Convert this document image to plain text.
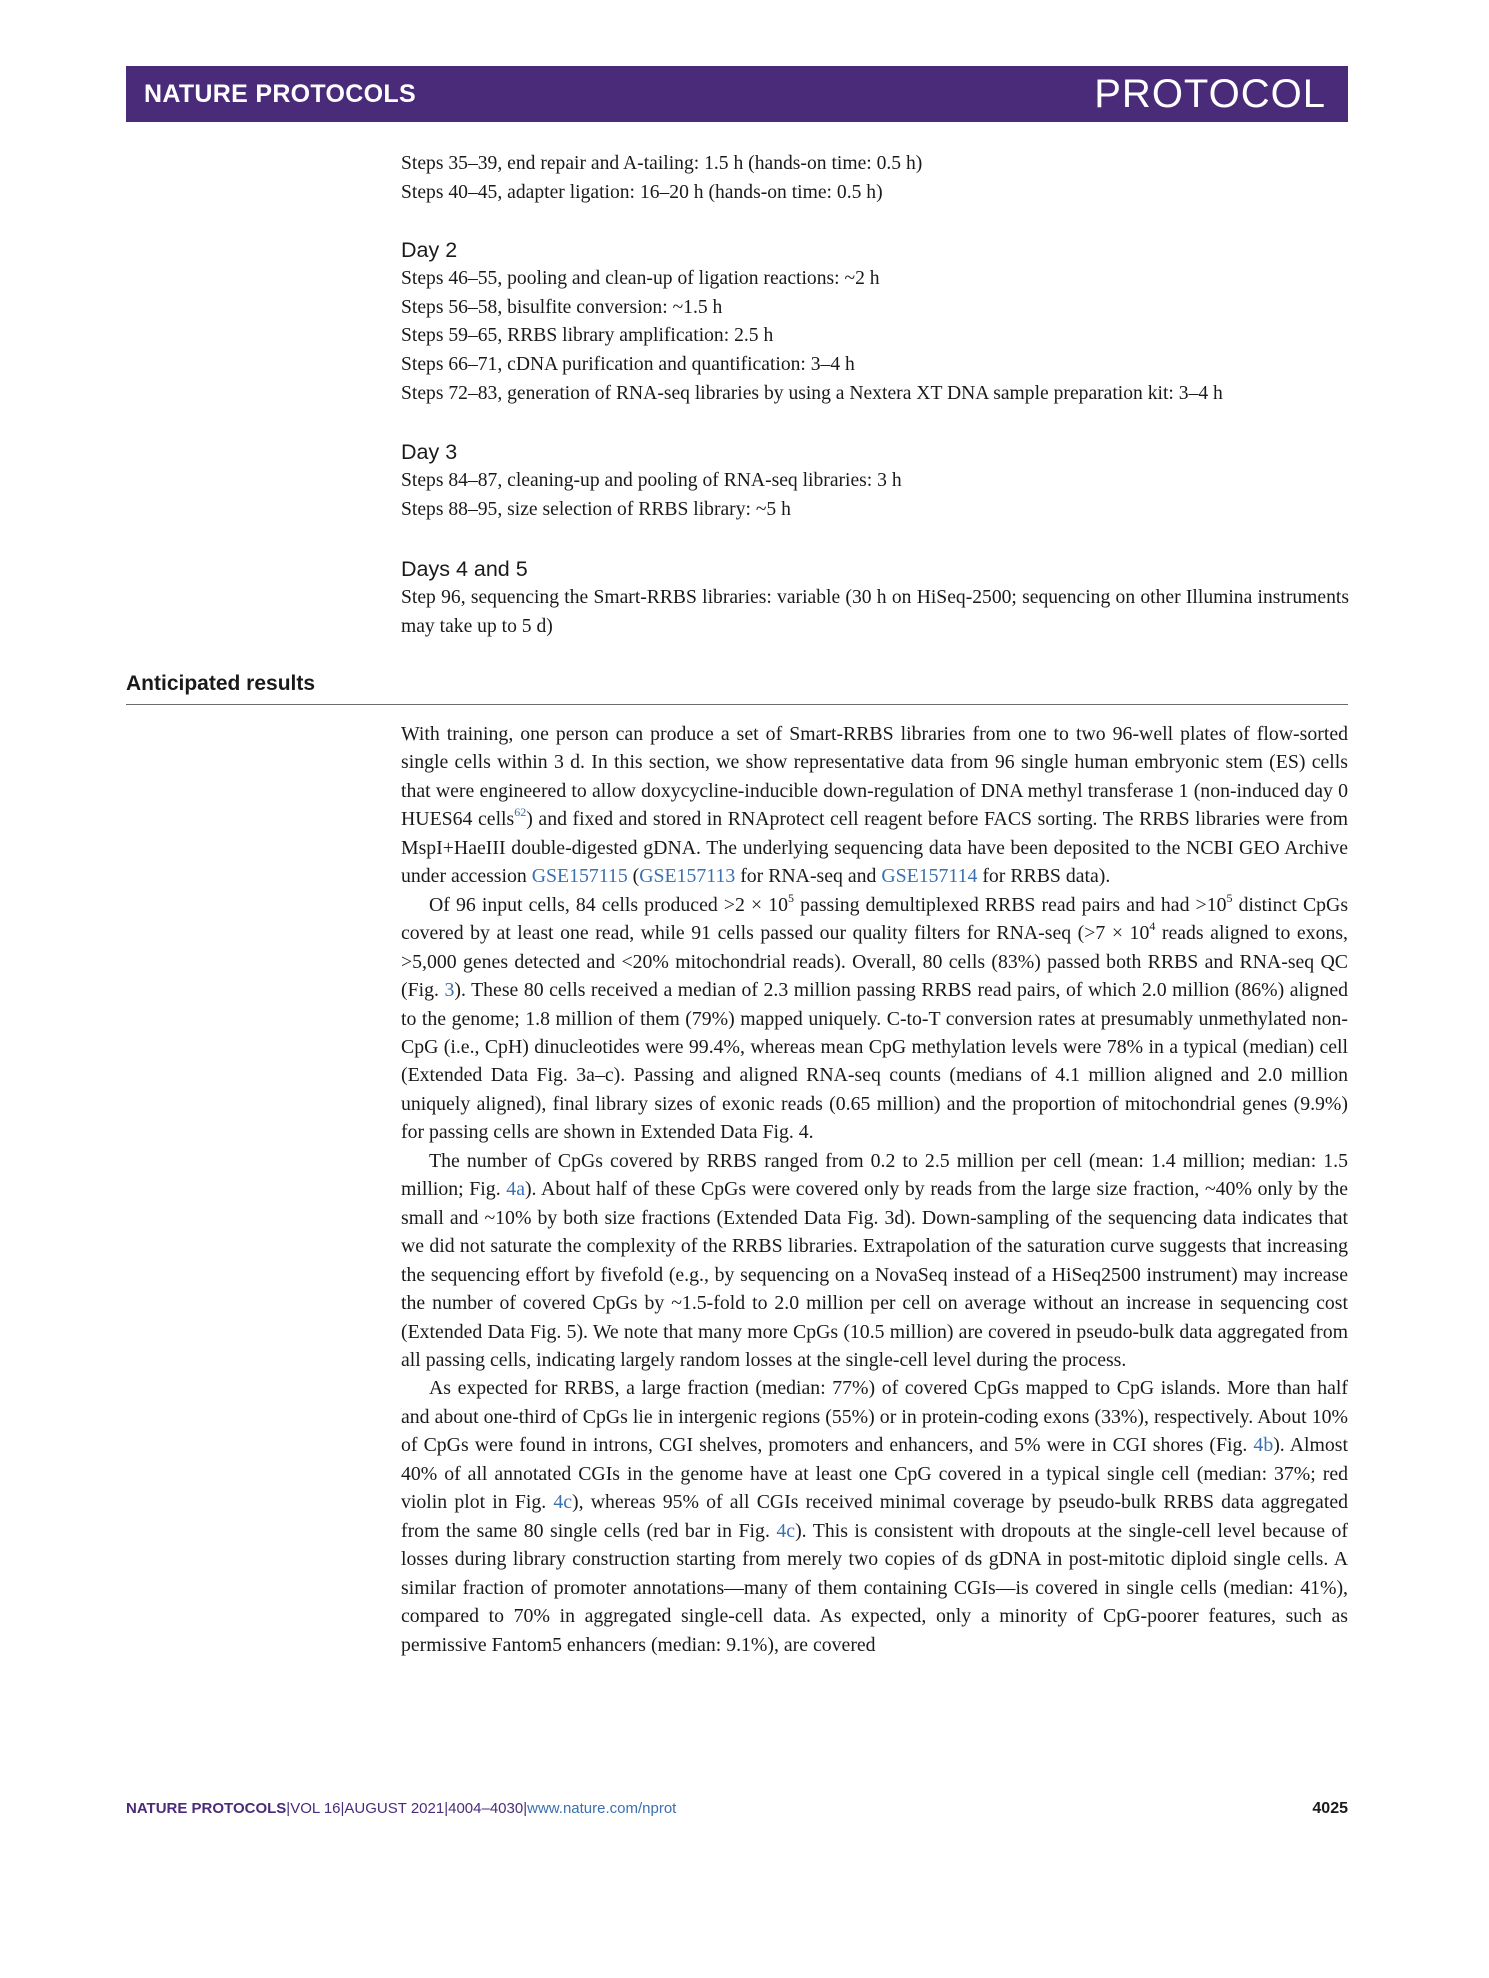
NATURE PROTOCOLS	PROTOCOL
Steps 35–39, end repair and A-tailing: 1.5 h (hands-on time: 0.5 h)
Steps 40–45, adapter ligation: 16–20 h (hands-on time: 0.5 h)
Day 2
Steps 46–55, pooling and clean-up of ligation reactions: ~2 h
Steps 56–58, bisulfite conversion: ~1.5 h
Steps 59–65, RRBS library amplification: 2.5 h
Steps 66–71, cDNA purification and quantification: 3–4 h
Steps 72–83, generation of RNA-seq libraries by using a Nextera XT DNA sample preparation kit: 3–4 h
Day 3
Steps 84–87, cleaning-up and pooling of RNA-seq libraries: 3 h
Steps 88–95, size selection of RRBS library: ~5 h
Days 4 and 5
Step 96, sequencing the Smart-RRBS libraries: variable (30 h on HiSeq-2500; sequencing on other Illumina instruments may take up to 5 d)
Anticipated results

With training, one person can produce a set of Smart-RRBS libraries from one to two 96-well plates of flow-sorted single cells within 3 d. In this section, we show representative data from 96 single human embryonic stem (ES) cells that were engineered to allow doxycycline-inducible down-regulation of DNA methyl transferase 1 (non-induced day 0 HUES64 cells$^{62}$) and fixed and stored in RNAprotect cell reagent before FACS sorting. The RRBS libraries were from MspI+HaeIII double-digested gDNA. The underlying sequencing data have been deposited to the NCBI GEO Archive under accession GSE157115 (GSE157113 for RNA-seq and GSE157114 for RRBS data).

Of 96 input cells, 84 cells produced $>2 \times 10^5$ passing demultiplexed RRBS read pairs and had $>10^5$ distinct CpGs covered by at least one read, while 91 cells passed our quality filters for RNA-seq ($>7 \times 10^4$ reads aligned to exons, >5,000 genes detected and <20% mitochondrial reads). Overall, 80 cells (83%) passed both RRBS and RNA-seq QC (Fig. 3). These 80 cells received a median of 2.3 million passing RRBS read pairs, of which 2.0 million (86%) aligned to the genome; 1.8 million of them (79%) mapped uniquely. C-to-T conversion rates at presumably unmethylated non-CpG (i.e., CpH) dinucleotides were 99.4%, whereas mean CpG methylation levels were 78% in a typical (median) cell (Extended Data Fig. 3a–c). Passing and aligned RNA-seq counts (medians of 4.1 million aligned and 2.0 million uniquely aligned), final library sizes of exonic reads (0.65 million) and the proportion of mitochondrial genes (9.9%) for passing cells are shown in Extended Data Fig. 4.

The number of CpGs covered by RRBS ranged from 0.2 to 2.5 million per cell (mean: 1.4 million; median: 1.5 million; Fig. 4a). About half of these CpGs were covered only by reads from the large size fraction, ~40% only by the small and ~10% by both size fractions (Extended Data Fig. 3d). Down-sampling of the sequencing data indicates that we did not saturate the complexity of the RRBS libraries. Extrapolation of the saturation curve suggests that increasing the sequencing effort by fivefold (e.g., by sequencing on a NovaSeq instead of a HiSeq2500 instrument) may increase the number of covered CpGs by ~1.5-fold to 2.0 million per cell on average without an increase in sequencing cost (Extended Data Fig. 5). We note that many more CpGs (10.5 million) are covered in pseudo-bulk data aggregated from all passing cells, indicating largely random losses at the single-cell level during the process.

As expected for RRBS, a large fraction (median: 77%) of covered CpGs mapped to CpG islands. More than half and about one-third of CpGs lie in intergenic regions (55%) or in protein-coding exons (33%), respectively. About 10% of CpGs were found in introns, CGI shelves, promoters and enhancers, and 5% were in CGI shores (Fig. 4b). Almost 40% of all annotated CGIs in the genome have at least one CpG covered in a typical single cell (median: 37%; red violin plot in Fig. 4c), whereas 95% of all CGIs received minimal coverage by pseudo-bulk RRBS data aggregated from the same 80 single cells (red bar in Fig. 4c). This is consistent with dropouts at the single-cell level because of losses during library construction starting from merely two copies of ds gDNA in post-mitotic diploid single cells. A similar fraction of promoter annotations—many of them containing CGIs—is covered in single cells (median: 41%), compared to 70% in aggregated single-cell data. As expected, only a minority of CpG-poorer features, such as permissive Fantom5 enhancers (median: 9.1%), are covered

NATURE PROTOCOLS|VOL 16|AUGUST 2021|4004–4030|www.nature.com/nprot	4025
